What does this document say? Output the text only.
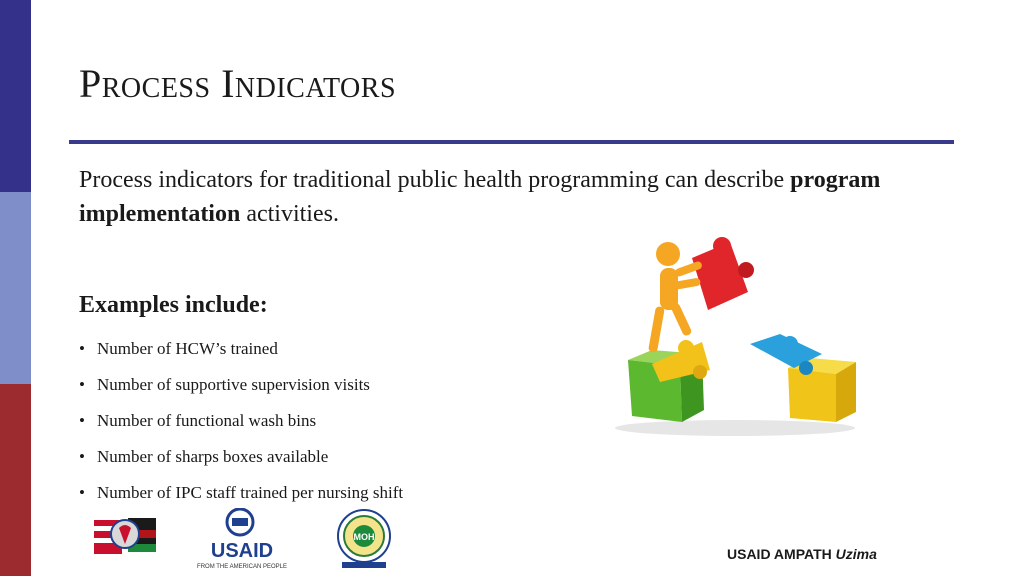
Process Indicators

Process indicators for traditional public health programming can describe program implementation activities.

Examples include:
• Number of HCW’s trained
• Number of supportive supervision visits
• Number of functional wash bins
• Number of sharps boxes available
• Number of IPC staff trained per nursing shift
USAID
FROM THE AMERICAN PEOPLE
MOH
USAID AMPATH Uzima
